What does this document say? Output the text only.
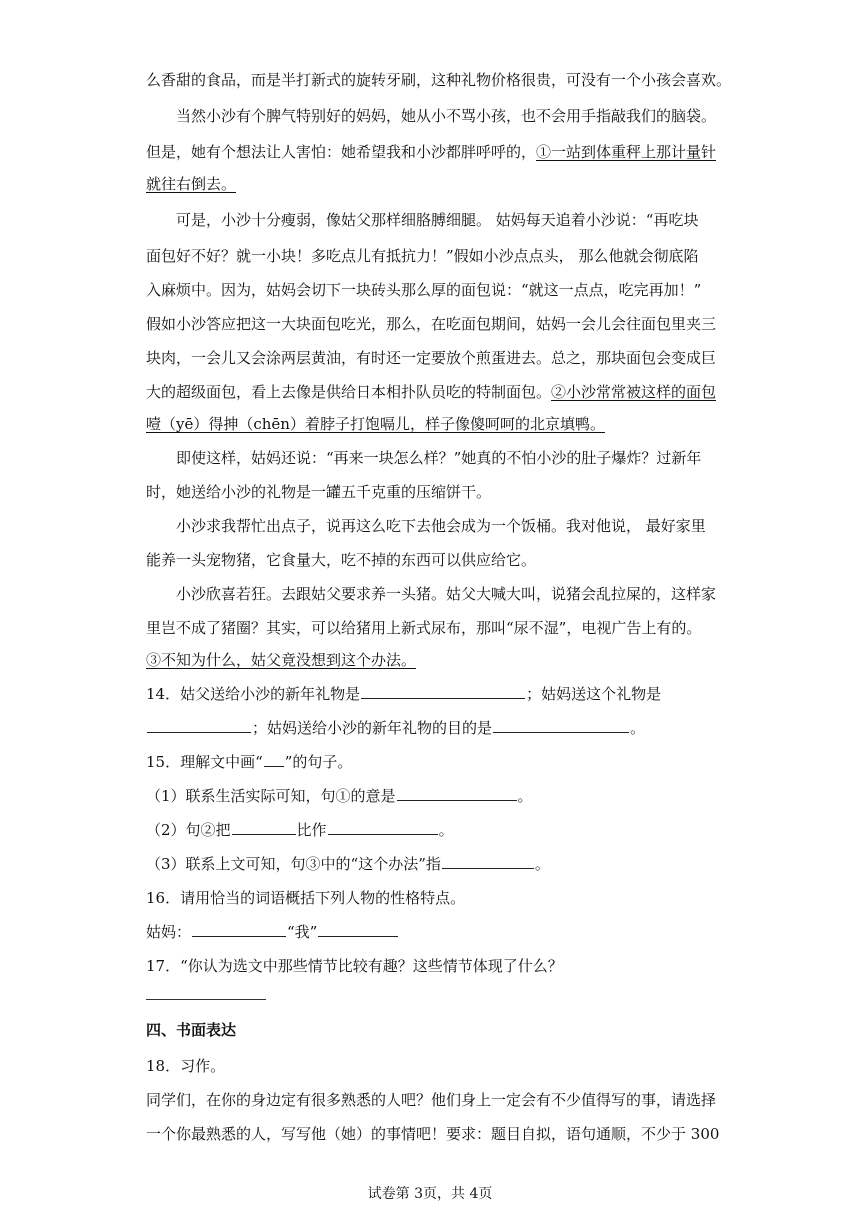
么香甜的食品，而是半打新式的旋转牙刷，这种礼物价格很贵，可没有一个小孩会喜欢。
当然小沙有个脾气特别好的妈妈，她从小不骂小孩，也不会用手指敲我们的脑袋。
但是，她有个想法让人害怕：她希望我和小沙都胖呼呼的，①一站到体重秤上那计量针
就往右倒去。
可是，小沙十分瘦弱，像姑父那样细胳膊细腿。 姑妈每天追着小沙说：“再吃块
面包好不好？就一小块！多吃点儿有抵抗力！”假如小沙点点头， 那么他就会彻底陷
入麻烦中。因为，姑妈会切下一块砖头那么厚的面包说：“就这一点点，吃完再加！”
假如小沙答应把这一大块面包吃光，那么，在吃面包期间，姑妈一会儿会往面包里夹三
块肉，一会儿又会涂两层黄油，有时还一定要放个煎蛋进去。总之，那块面包会变成巨
大的超级面包，看上去像是供给日本相扑队员吃的特制面包。②小沙常常被这样的面包
噎（yē）得抻（chēn）着脖子打饱嗝儿，样子像傻呵呵的北京填鸭。
即使这样，姑妈还说：“再来一块怎么样？”她真的不怕小沙的肚子爆炸？过新年
时，她送给小沙的礼物是一罐五千克重的压缩饼干。
小沙求我帮忙出点子，说再这么吃下去他会成为一个饭桶。我对他说， 最好家里
能养一头宠物猪，它食量大，吃不掉的东西可以供应给它。
小沙欣喜若狂。去跟姑父要求养一头猪。姑父大喊大叫，说猪会乱拉屎的，这样家
里岂不成了猪圈？其实，可以给猪用上新式尿布，那叫“尿不湿”，电视广告上有的。
③不知为什么，姑父竟没想到这个办法。
14．姑父送给小沙的新年礼物是	；姑妈送这个礼物是
；姑妈送给小沙的新年礼物的目的是	。
15．理解文中画“ ”的句子。
（1）联系生活实际可知，句①的意是	。
（2）句②把	比作	。
（3）联系上文可知，句③中的“这个办法”指	。
16．请用恰当的词语概括下列人物的性格特点。
姑妈：	“我”
17．“你认为选文中那些情节比较有趣？这些情节体现了什么？
四、书面表达
18．习作。
同学们，在你的身边定有很多熟悉的人吧？他们身上一定会有不少值得写的事，请选择
一个你最熟悉的人，写写他（她）的事情吧！要求：题目自拟，语句通顺，不少于 300
试卷第 3页，共 4页
